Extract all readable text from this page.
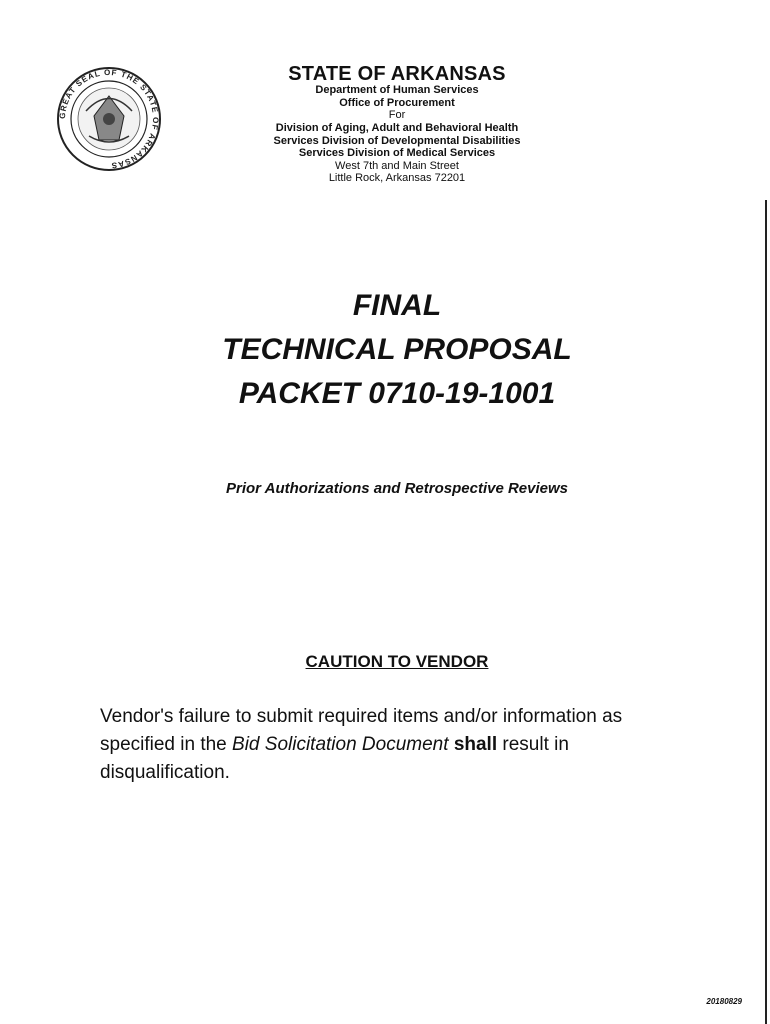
GREAT SEAL OF THE STATE OF ARKANSAS
STATE OF ARKANSAS
Department of Human Services
Office of Procurement
For
Division of Aging, Adult and Behavioral Health
Services Division of Developmental Disabilities
Services Division of Medical Services
West 7th and Main Street
Little Rock, Arkansas 72201
FINAL
TECHNICAL PROPOSAL
PACKET 0710-19-1001
Prior Authorizations and Retrospective Reviews
CAUTION TO VENDOR
Vendor's failure to submit required items and/or information as specified in the Bid Solicitation Document shall result in disqualification.
20180829
